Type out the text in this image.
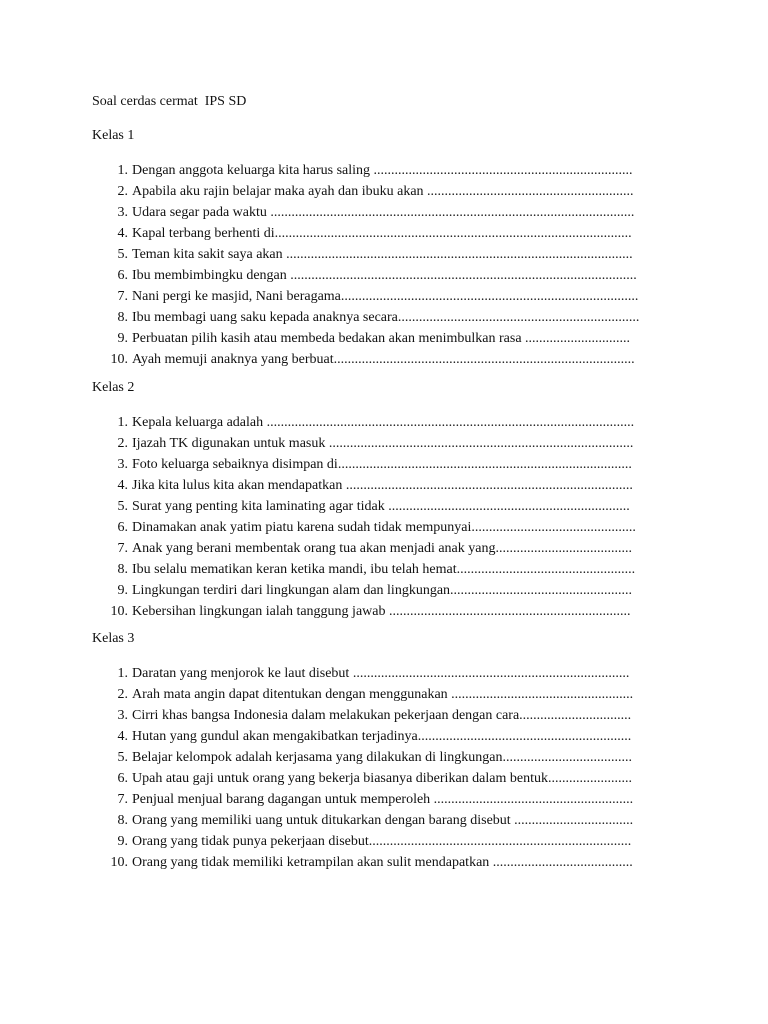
Soal cerdas cermat  IPS SD
Kelas 1
1. Dengan anggota keluarga kita harus saling ..........................................................................
2. Apabila aku rajin belajar maka ayah dan ibuku akan ...........................................................
3. Udara segar pada waktu ........................................................................................................
4. Kapal terbang berhenti di......................................................................................................
5. Teman kita sakit saya akan ...................................................................................................
6. Ibu membimbingku dengan ...................................................................................................
7. Nani pergi ke masjid, Nani beragama.....................................................................................
8. Ibu membagi uang saku kepada anaknya secara.....................................................................
9. Perbuatan pilih kasih atau membeda bedakan akan menimbulkan rasa ..............................
10. Ayah memuji anaknya yang berbuat......................................................................................
Kelas 2
1. Kepala keluarga adalah .........................................................................................................
2. Ijazah TK digunakan untuk masuk .......................................................................................
3. Foto keluarga sebaiknya disimpan di....................................................................................
4. Jika kita lulus kita akan mendapatkan ..................................................................................
5. Surat yang penting kita laminating agar tidak .....................................................................
6. Dinamakan anak yatim piatu karena sudah tidak mempunyai...............................................
7. Anak yang berani membentak orang tua akan menjadi anak yang.......................................
8. Ibu selalu mematikan keran ketika mandi, ibu telah hemat...................................................
9. Lingkungan terdiri dari lingkungan alam dan lingkungan....................................................
10. Kebersihan lingkungan ialah tanggung jawab .....................................................................
Kelas 3
1. Daratan yang menjorok ke laut disebut ...............................................................................
2. Arah mata angin dapat ditentukan dengan menggunakan ....................................................
3. Cirri khas bangsa Indonesia dalam melakukan pekerjaan dengan cara................................
4. Hutan yang gundul akan mengakibatkan terjadinya.............................................................
5. Belajar kelompok adalah kerjasama yang dilakukan di lingkungan.....................................
6. Upah atau gaji untuk orang yang bekerja biasanya diberikan dalam bentuk........................
7. Penjual menjual barang dagangan untuk memperoleh .........................................................
8. Orang yang memiliki uang untuk ditukarkan dengan barang disebut ..................................
9. Orang yang tidak punya pekerjaan disebut...........................................................................
10. Orang yang tidak memiliki ketrampilan akan sulit mendapatkan ........................................
